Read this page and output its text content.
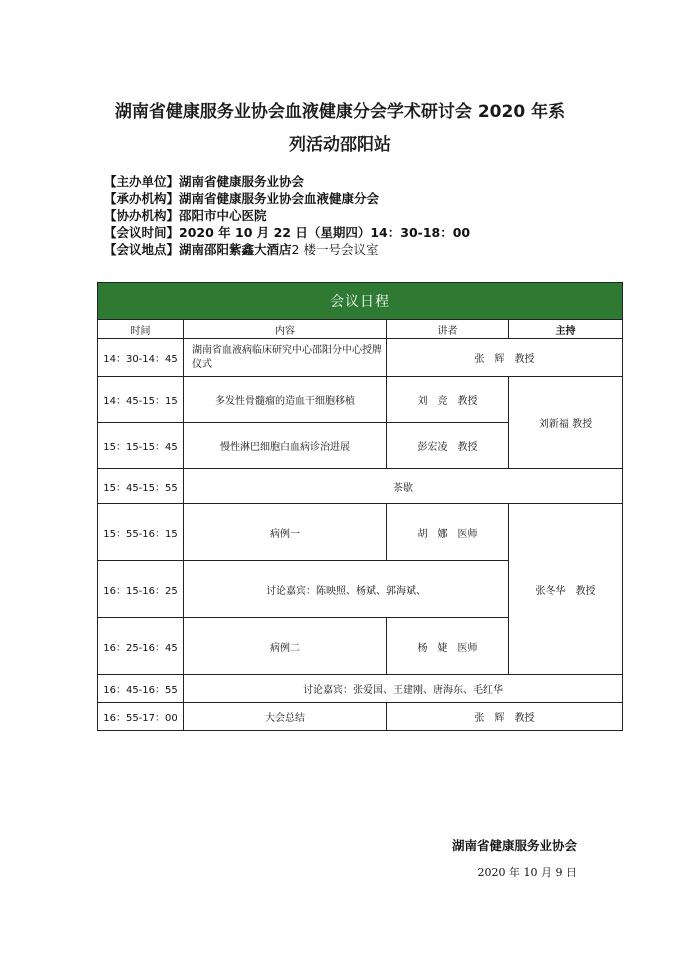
湖南省健康服务业协会血液健康分会学术研讨会 2020 年系
列活动邵阳站
【主办单位】湖南省健康服务业协会
【承办机构】湖南省健康服务业协会血液健康分会
【协办机构】邵阳市中心医院
【会议时间】2020 年 10 月 22 日（星期四）14：30-18：00
【会议地点】湖南邵阳紫鑫大酒店2 楼一号会议室
会议日程			
时间	内容	讲者	主持
14：30-14：45	湖南省血液病临床研究中心邵阳分中心授牌仪式	张　辉　教授	
14：45-15：15	多发性骨髓瘤的造血干细胞移植	刘　竞　教授	刘新福 教授
15：15-15：45	慢性淋巴细胞白血病诊治进展	彭宏凌　教授	
15：45-15：55	茶歇		
15：55-16：15	病例一	胡　娜　医师	张冬华　教授
16：15-16：25	讨论嘉宾：陈映照、杨斌、郭海斌、		
16：25-16：45	病例二	杨　婕　医师	
16：45-16：55	讨论嘉宾：张爱国、王建刚、唐海东、毛红华		
16：55-17：00	大会总结	张　辉　教授	
湖南省健康服务业协会
2020 年 10 月 9 日
